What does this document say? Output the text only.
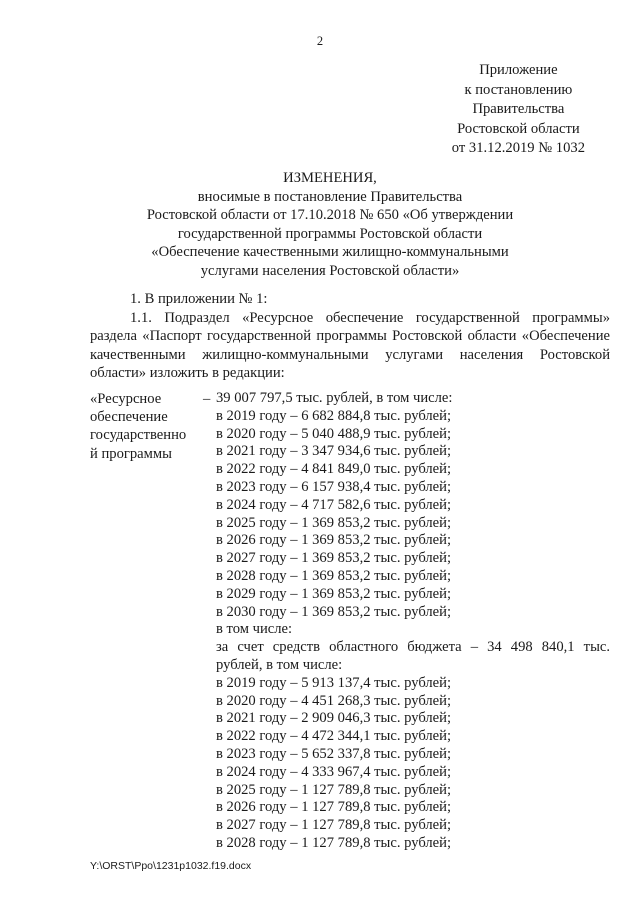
2
Приложение
к постановлению
Правительства
Ростовской области
от 31.12.2019 № 1032
ИЗМЕНЕНИЯ,
вносимые в постановление Правительства
Ростовской области от 17.10.2018 № 650 «Об утверждении
государственной программы Ростовской области
«Обеспечение качественными жилищно-коммунальными
услугами населения Ростовской области»

1. В приложении № 1:

1.1. Подраздел «Ресурсное обеспечение государственной программы» раздела «Паспорт государственной программы Ростовской области «Обеспечение качественными жилищно-коммунальными услугами населения Ростовской области» изложить в редакции:

«Ресурсное
обеспечение
государственно
й программы
– 39 007 797,5 тыс. рублей, в том числе:
в 2019 году – 6 682 884,8 тыс. рублей;
в 2020 году – 5 040 488,9 тыс. рублей;
в 2021 году – 3 347 934,6 тыс. рублей;
в 2022 году – 4 841 849,0 тыс. рублей;
в 2023 году – 6 157 938,4 тыс. рублей;
в 2024 году – 4 717 582,6 тыс. рублей;
в 2025 году – 1 369 853,2 тыс. рублей;
в 2026 году – 1 369 853,2 тыс. рублей;
в 2027 году – 1 369 853,2 тыс. рублей;
в 2028 году – 1 369 853,2 тыс. рублей;
в 2029 году – 1 369 853,2 тыс. рублей;
в 2030 году – 1 369 853,2 тыс. рублей;
в том числе:
за счет средств областного бюджета – 34 498 840,1 тыс.
рублей, в том числе:
в 2019 году – 5 913 137,4 тыс. рублей;
в 2020 году – 4 451 268,3 тыс. рублей;
в 2021 году – 2 909 046,3 тыс. рублей;
в 2022 году – 4 472 344,1 тыс. рублей;
в 2023 году – 5 652 337,8 тыс. рублей;
в 2024 году – 4 333 967,4 тыс. рублей;
в 2025 году – 1 127 789,8 тыс. рублей;
в 2026 году – 1 127 789,8 тыс. рублей;
в 2027 году – 1 127 789,8 тыс. рублей;
в 2028 году – 1 127 789,8 тыс. рублей;
Y:\ORST\Ppo\1231p1032.f19.docx
